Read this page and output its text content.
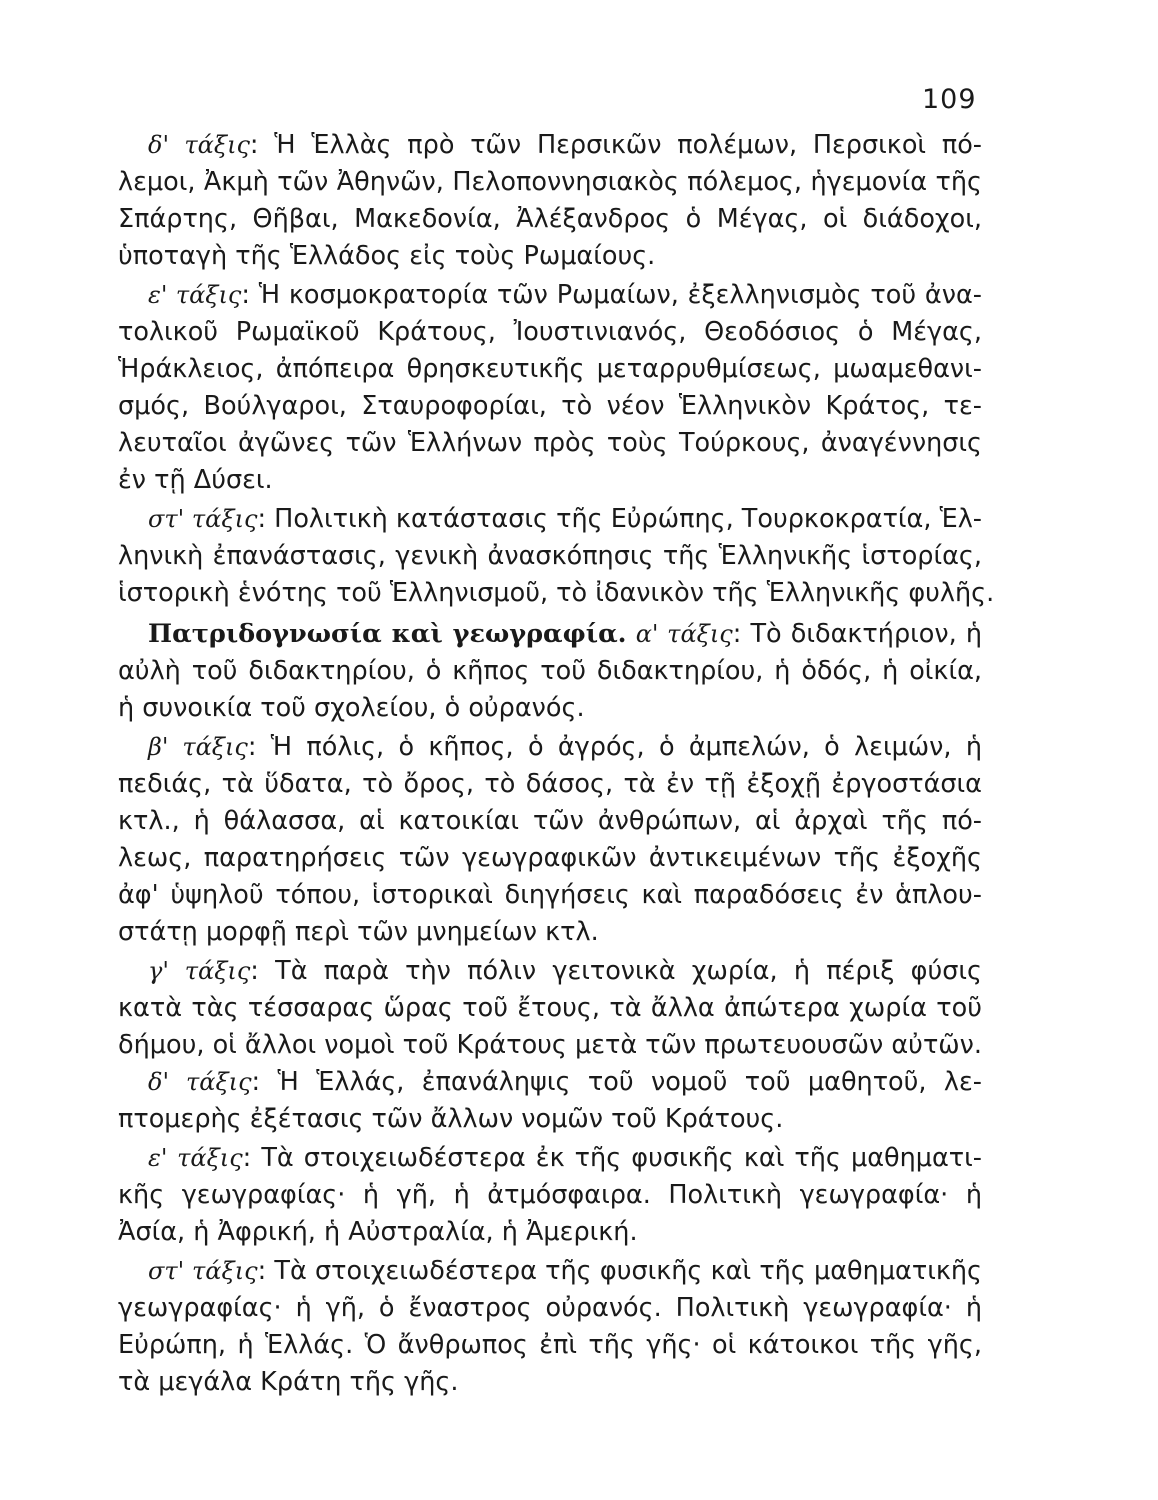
109
δ' τάξις: Ἡ Ἑλλὰς πρὸ τῶν Περσικῶν πολέμων, Περσικοὶ πό-
λεμοι, Ἀκμὴ τῶν Ἀθηνῶν, Πελοποννησιακὸς πόλεμος, ἡγεμονία τῆς
Σπάρτης, Θῆβαι, Μακεδονία, Ἀλέξανδρος ὁ Μέγας, οἱ διάδοχοι,
ὑποταγὴ τῆς Ἑλλάδος εἰς τοὺς Ρωμαίους.
ε' τάξις: Ἡ κοσμοκρατορία τῶν Ρωμαίων, ἐξελληνισμὸς τοῦ ἀνα-
τολικοῦ Ρωμαϊκοῦ Κράτους, Ἰουστινιανός, Θεοδόσιος ὁ Μέγας,
Ἡράκλειος, ἀπόπειρα θρησκευτικῆς μεταρρυθμίσεως, μωαμεθανι-
σμός, Βούλγαροι, Σταυροφορίαι, τὸ νέον Ἑλληνικὸν Κράτος, τε-
λευταῖοι ἀγῶνες τῶν Ἑλλήνων πρὸς τοὺς Τούρκους, ἀναγέννησις
ἐν τῇ Δύσει.
στ' τάξις: Πολιτικὴ κατάστασις τῆς Εὐρώπης, Τουρκοκρατία, Ἑλ-
ληνικὴ ἐπανάστασις, γενικὴ ἀνασκόπησις τῆς Ἑλληνικῆς ἱστορίας,
ἱστορικὴ ἑνότης τοῦ Ἑλληνισμοῦ, τὸ ἰδανικὸν τῆς Ἑλληνικῆς φυλῆς.
Πατριδογνωσία καὶ γεωγραφία. α' τάξις: Τὸ διδακτήριον, ἡ
αὐλὴ τοῦ διδακτηρίου, ὁ κῆπος τοῦ διδακτηρίου, ἡ ὁδός, ἡ οἰκία,
ἡ συνοικία τοῦ σχολείου, ὁ οὐρανός.
β' τάξις: Ἡ πόλις, ὁ κῆπος, ὁ ἀγρός, ὁ ἀμπελών, ὁ λειμών, ἡ
πεδιάς, τὰ ὕδατα, τὸ ὄρος, τὸ δάσος, τὰ ἐν τῇ ἐξοχῇ ἐργοστάσια
κτλ., ἡ θάλασσα, αἱ κατοικίαι τῶν ἀνθρώπων, αἱ ἀρχαὶ τῆς πό-
λεως, παρατηρήσεις τῶν γεωγραφικῶν ἀντικειμένων τῆς ἐξοχῆς
ἀφ' ὑψηλοῦ τόπου, ἱστορικαὶ διηγήσεις καὶ παραδόσεις ἐν ἁπλου-
στάτῃ μορφῇ περὶ τῶν μνημείων κτλ.
γ' τάξις: Τὰ παρὰ τὴν πόλιν γειτονικὰ χωρία, ἡ πέριξ φύσις
κατὰ τὰς τέσσαρας ὥρας τοῦ ἔτους, τὰ ἄλλα ἀπώτερα χωρία τοῦ
δήμου, οἱ ἄλλοι νομοὶ τοῦ Κράτους μετὰ τῶν πρωτευουσῶν αὐτῶν.
δ' τάξις: Ἡ Ἑλλάς, ἐπανάληψις τοῦ νομοῦ τοῦ μαθητοῦ, λε-
πτομερὴς ἐξέτασις τῶν ἄλλων νομῶν τοῦ Κράτους.
ε' τάξις: Τὰ στοιχειωδέστερα ἐκ τῆς φυσικῆς καὶ τῆς μαθηματι-
κῆς γεωγραφίας· ἡ γῆ, ἡ ἀτμόσφαιρα. Πολιτικὴ γεωγραφία· ἡ
Ἀσία, ἡ Ἀφρική, ἡ Αὐστραλία, ἡ Ἀμερική.
στ' τάξις: Τὰ στοιχειωδέστερα τῆς φυσικῆς καὶ τῆς μαθηματικῆς
γεωγραφίας· ἡ γῆ, ὁ ἔναστρος οὐρανός. Πολιτικὴ γεωγραφία· ἡ
Εὐρώπη, ἡ Ἑλλάς. Ὁ ἄνθρωπος ἐπὶ τῆς γῆς· οἱ κάτοικοι τῆς γῆς,
τὰ μεγάλα Κράτη τῆς γῆς.
